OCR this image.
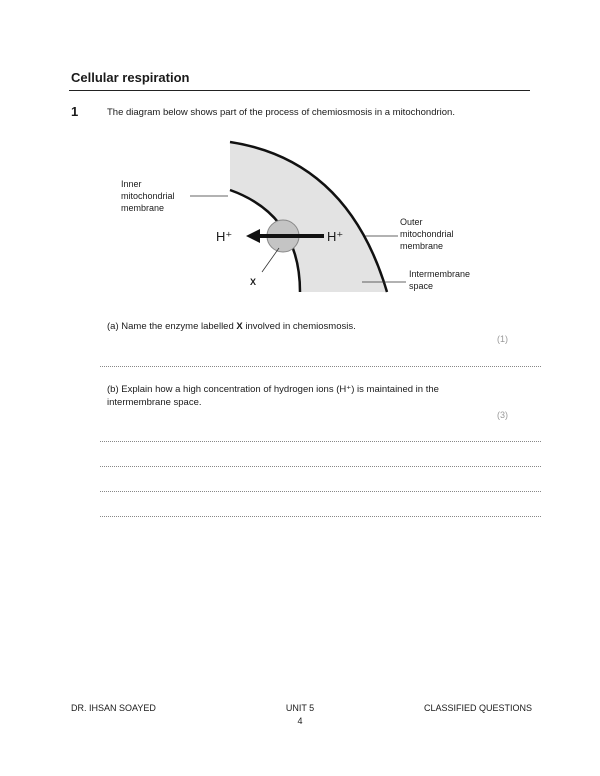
Cellular respiration
1	The diagram below shows part of the process of chemiosmosis in a mitochondrion.
Inner
mitochondrial
membrane
Outer
mitochondrial
membrane
Intermembrane
space
X
H⁺	H⁺
(a) Name the enzyme labelled X involved in chemiosmosis.
(1)
(b) Explain how a high concentration of hydrogen ions (H⁺) is maintained in the intermembrane space.
(3)
DR. IHSAN SOAYED	UNIT 5
4
CLASSIFIED QUESTIONS
